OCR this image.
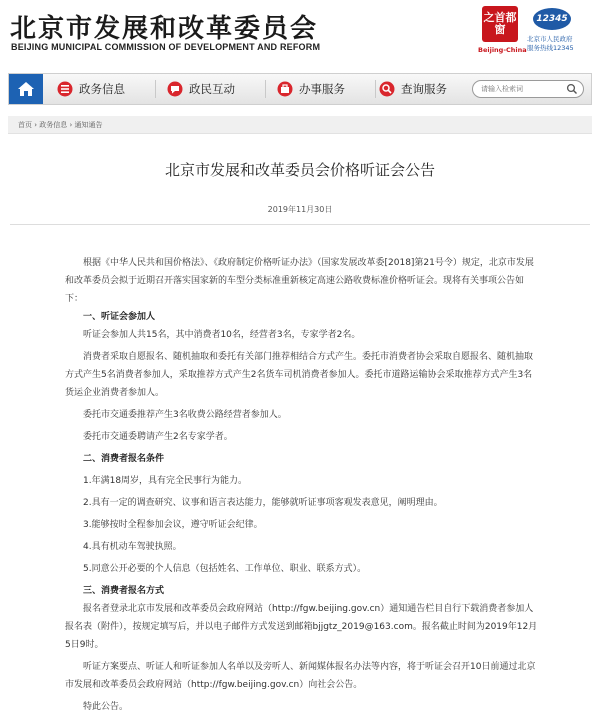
北京市发展和改革委员会
BEIJING MUNICIPAL COMMISSION OF DEVELOPMENT AND REFORM
之首都窗
Beijing-China
12345
北京市人民政府
服务热线12345
政务信息	政民互动	办事服务	查询服务
请输入检索词
首页 › 政务信息 › 通知通告
北京市发展和改革委员会价格听证会公告
2019年11月30日

根据《中华人民共和国价格法》、《政府制定价格听证办法》（国家发展改革委[2018]第21号令）规定，北京市发展和改革委员会拟于近期召开落实国家新的车型分类标准重新核定高速公路收费标准价格听证会。现将有关事项公告如下：

一、听证会参加人

听证会参加人共15名，其中消费者10名，经营者3名，专家学者2名。

消费者采取自愿报名、随机抽取和委托有关部门推荐相结合方式产生。委托市消费者协会采取自愿报名、随机抽取方式产生5名消费者参加人，采取推荐方式产生2名货车司机消费者参加人。委托市道路运输协会采取推荐方式产生3名货运企业消费者参加人。

委托市交通委推荐产生3名收费公路经营者参加人。

委托市交通委聘请产生2名专家学者。

二、消费者报名条件

1.年满18周岁，具有完全民事行为能力。

2.具有一定的调查研究、议事和语言表达能力，能够就听证事项客观发表意见，阐明理由。

3.能够按时全程参加会议，遵守听证会纪律。

4.具有机动车驾驶执照。

5.同意公开必要的个人信息（包括姓名、工作单位、职业、联系方式）。

三、消费者报名方式

报名者登录北京市发展和改革委员会政府网站（http://fgw.beijing.gov.cn）通知通告栏目自行下载消费者参加人报名表（附件），按规定填写后，并以电子邮件方式发送到邮箱bjjgtz_2019@163.com。报名截止时间为2019年12月5日9时。

听证方案要点、听证人和听证参加人名单以及旁听人、新闻媒体报名办法等内容，将于听证会召开10日前通过北京市发展和改革委员会政府网站（http://fgw.beijing.gov.cn）向社会公告。

特此公告。
